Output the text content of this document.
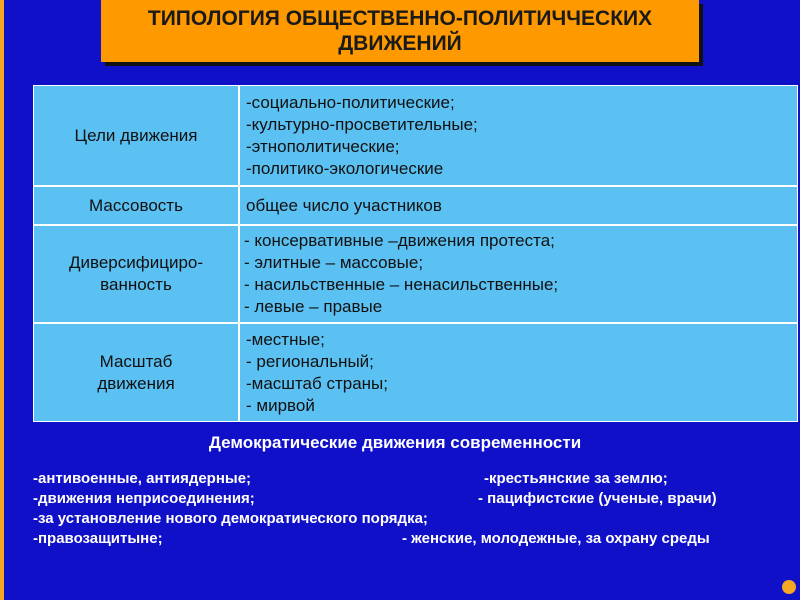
ТИПОЛОГИЯ ОБЩЕСТВЕННО-ПОЛИТИЧЧЕСКИХ
ДВИЖЕНИЙ
Цели движения
-социально-политические;
-культурно-просветительные;
-этнополитические;
-политико-экологические
Массовость	общее число участников
Диверсифициро-
ванность
- консервативные –движения протеста;
- элитные – массовые;
- насильственные – ненасильственные;
- левые – правые
Масштаб
движения
-местные;
- региональный;
-масштаб страны;
- мирвой
Демократические движения современности
-антивоенные, антиядерные;
-движения неприсоединения;
-за установление нового демократического порядка;
-правозащитыне;
-крестьянские за землю;
- пацифистские (ученые, врачи)
- женские, молодежные, за охрану среды
